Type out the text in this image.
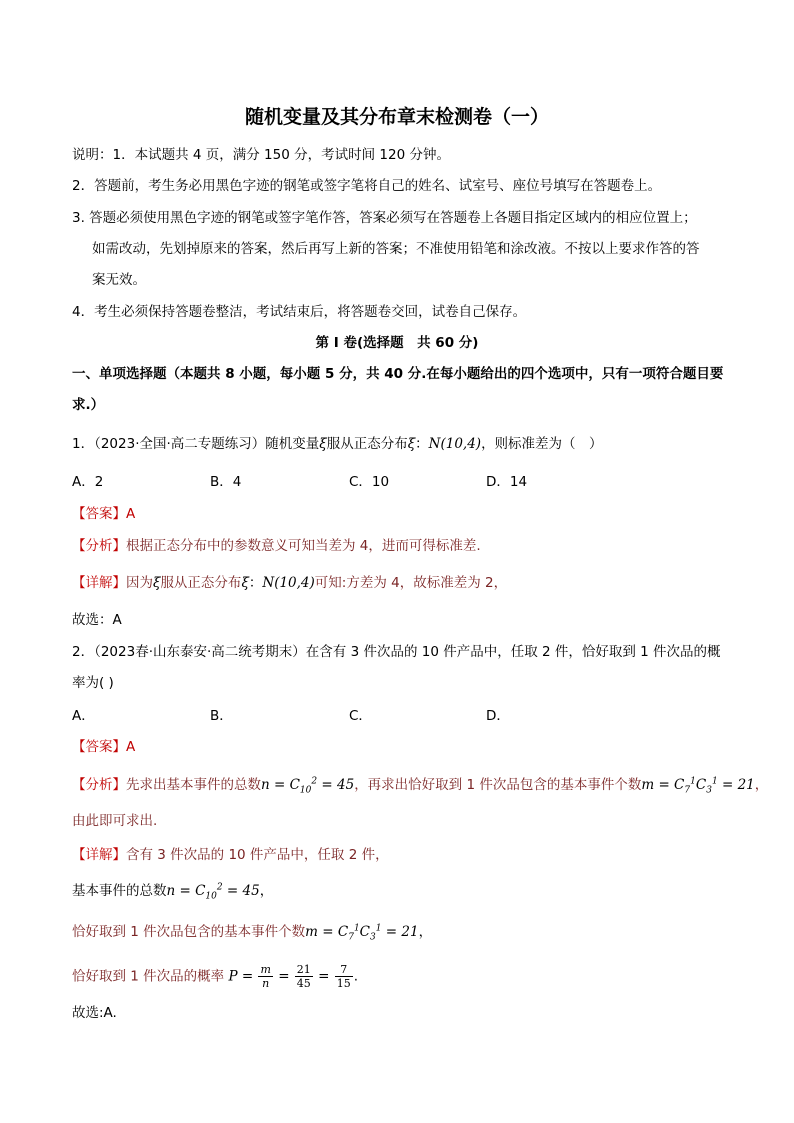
随机变量及其分布章末检测卷（一）
说明：1．本试题共 4 页，满分 150 分，考试时间 120 分钟。
2．答题前，考生务必用黑色字迹的钢笔或签字笔将自己的姓名、试室号、座位号填写在答题卷上。
3. 答题必须使用黑色字迹的钢笔或签字笔作答，答案必须写在答题卷上各题目指定区域内的相应位置上；
如需改动，先划掉原来的答案，然后再写上新的答案；不准使用铅笔和涂改液。不按以上要求作答的答
案无效。
4．考生必须保持答题卷整洁，考试结束后，将答题卷交回，试卷自己保存。
第 I 卷(选择题　共 60 分)
一、单项选择题（本题共 8 小题，每小题 5 分，共 40 分.在每小题给出的四个选项中，只有一项符合题目要
求.）
1．（2023·全国·高二专题练习）随机变量ξ服从正态分布ξ：N(10,4)，则标准差为（　）
A．2	B．4	C．10	D．14
【答案】A
【分析】根据正态分布中的参数意义可知当差为 4，进而可得标准差.
【详解】因为ξ服从正态分布ξ：N(10,4)可知:方差为 4，故标准差为 2，
故选：A
2．（2023春·山东泰安·高二统考期末）在含有 3 件次品的 10 件产品中，任取 2 件，恰好取到 1 件次品的概
率为( )
A．	B．	C．	D．
【答案】A
【分析】先求出基本事件的总数$n = C_{10}^2 = 45$，再求出恰好取到 1 件次品包含的基本事件个数$m = C_7^1C_3^1 = 21$，
由此即可求出.
【详解】含有 3 件次品的 10 件产品中，任取 2 件，
基本事件的总数$n = C_{10}^2 = 45$，
恰好取到 1 件次品包含的基本事件个数$m = C_7^1C_3^1 = 21$，
恰好取到 1 件次品的概率 $P = \frac{m}{n} = \frac{21}{45} = \frac{7}{15}$ .
故选:A.
